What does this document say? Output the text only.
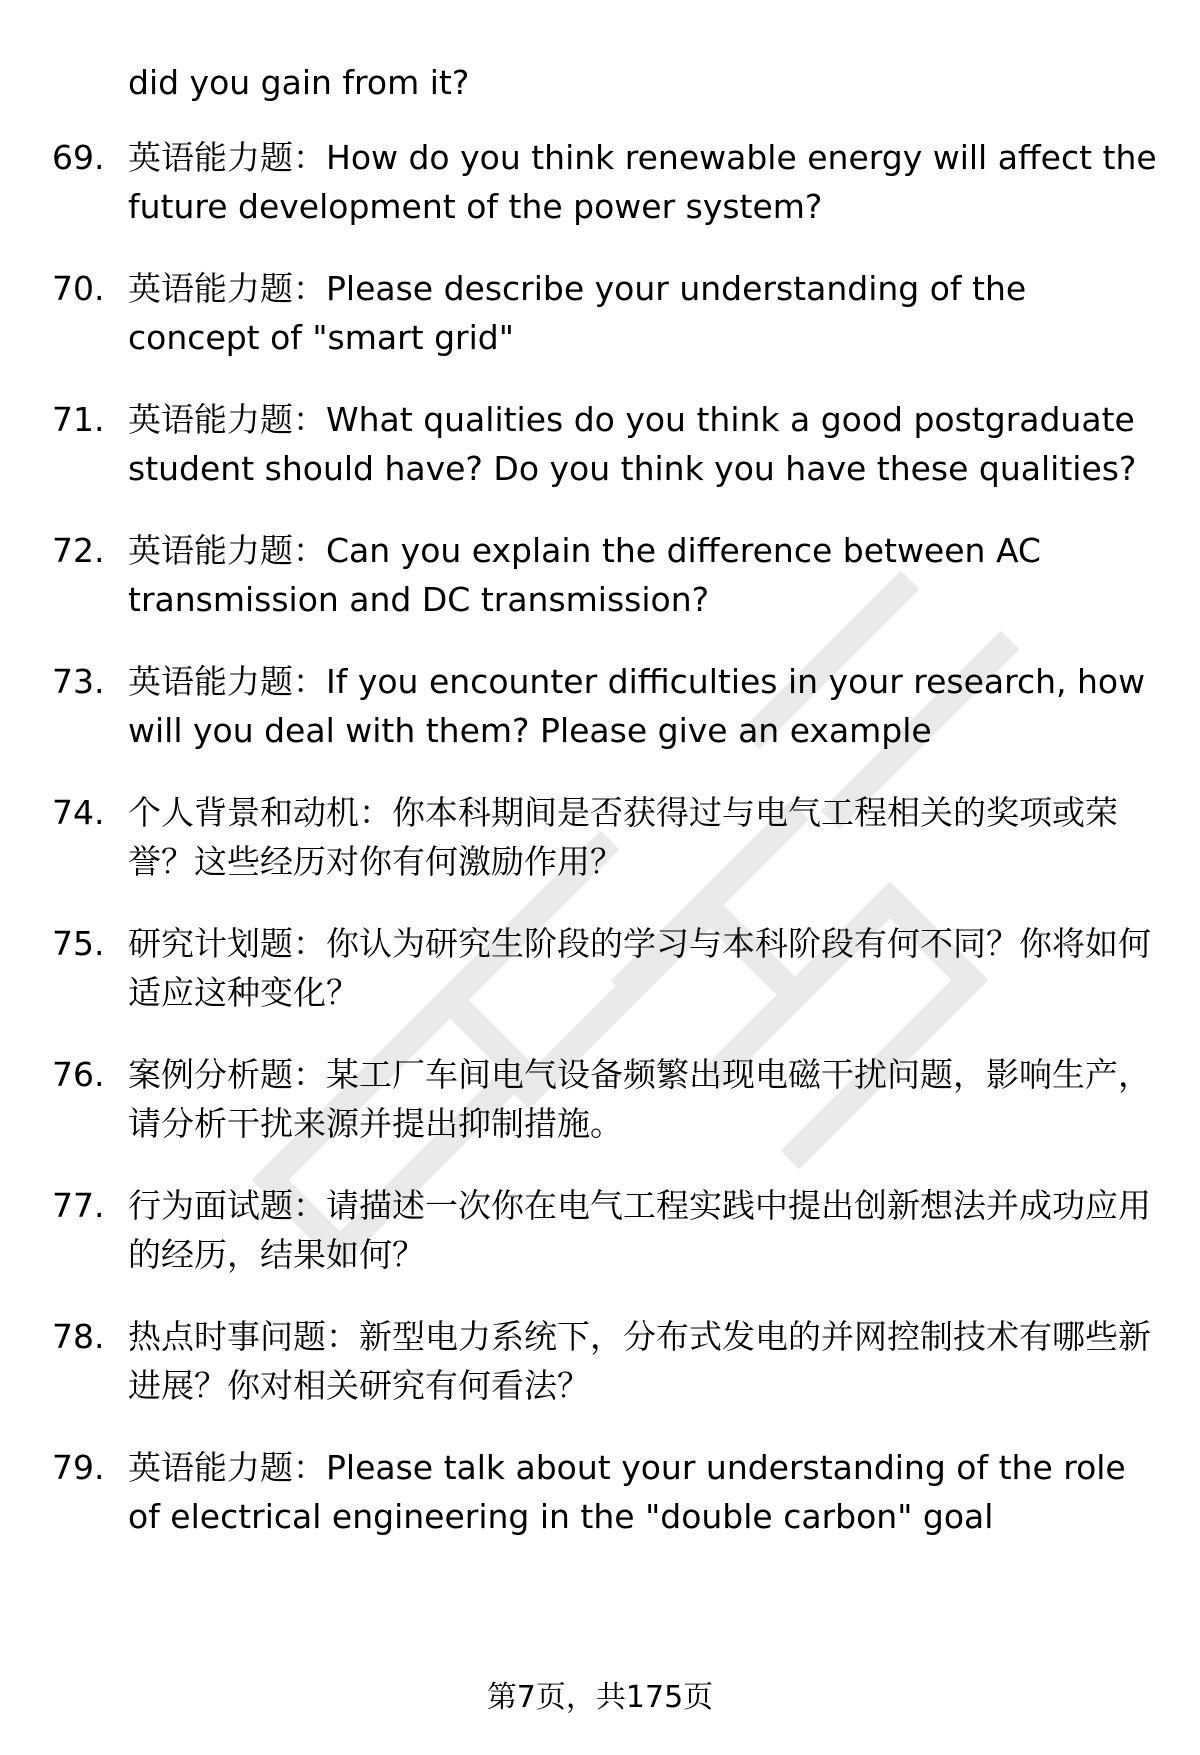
did you gain from it?
69. 英语能力题：How do you think renewable energy will affect the future development of the power system?
70. 英语能力题：Please describe your understanding of the concept of "smart grid"
71. 英语能力题：What qualities do you think a good postgraduate student should have? Do you think you have these qualities?
72. 英语能力题：Can you explain the difference between AC transmission and DC transmission?
73. 英语能力题：If you encounter difficulties in your research, how will you deal with them? Please give an example
74. 个人背景和动机：你本科期间是否获得过与电气工程相关的奖项或荣誉？这些经历对你有何激励作用？
75. 研究计划题：你认为研究生阶段的学习与本科阶段有何不同？你将如何适应这种变化？
76. 案例分析题：某工厂车间电气设备频繁出现电磁干扰问题，影响生产，请分析干扰来源并提出抑制措施。
77. 行为面试题：请描述一次你在电气工程实践中提出创新想法并成功应用的经历，结果如何？
78. 热点时事问题：新型电力系统下，分布式发电的并网控制技术有哪些新进展？你对相关研究有何看法？
79. 英语能力题：Please talk about your understanding of the role of electrical engineering in the "double carbon" goal
第7页，共175页
